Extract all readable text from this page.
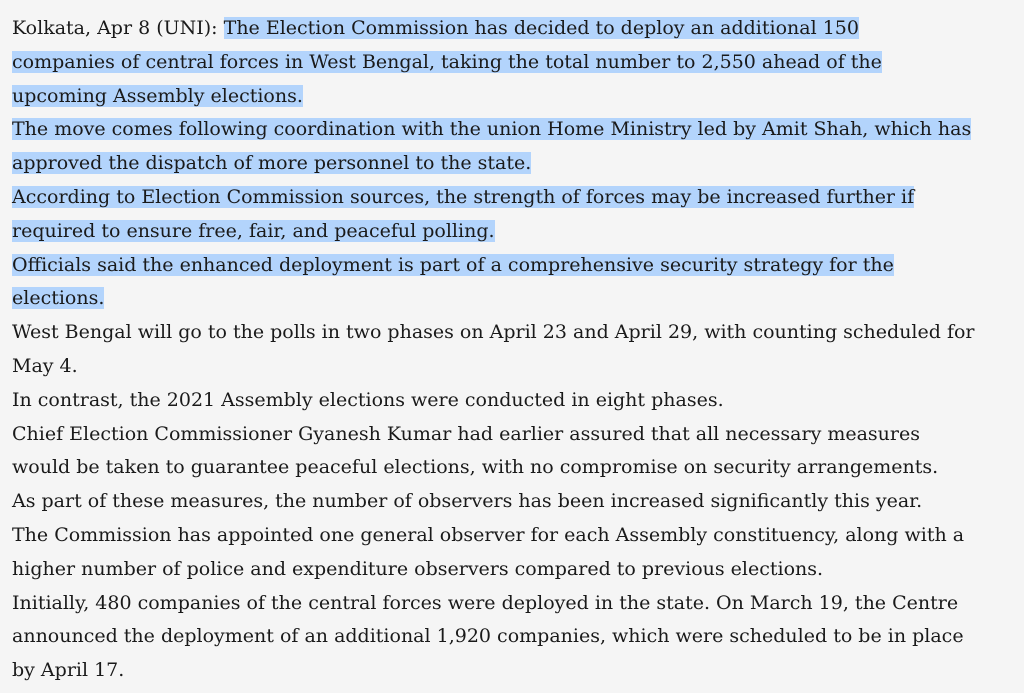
Kolkata, Apr 8 (UNI): The Election Commission has decided to deploy an additional 150 companies of central forces in West Bengal, taking the total number to 2,550 ahead of the upcoming Assembly elections.

The move comes following coordination with the union Home Ministry led by Amit Shah, which has approved the dispatch of more personnel to the state.

According to Election Commission sources, the strength of forces may be increased further if required to ensure free, fair, and peaceful polling.

Officials said the enhanced deployment is part of a comprehensive security strategy for the elections.

West Bengal will go to the polls in two phases on April 23 and April 29, with counting scheduled for May 4.

In contrast, the 2021 Assembly elections were conducted in eight phases.

Chief Election Commissioner Gyanesh Kumar had earlier assured that all necessary measures would be taken to guarantee peaceful elections, with no compromise on security arrangements.

As part of these measures, the number of observers has been increased significantly this year.

The Commission has appointed one general observer for each Assembly constituency, along with a higher number of police and expenditure observers compared to previous elections.

Initially, 480 companies of the central forces were deployed in the state. On March 19, the Centre announced the deployment of an additional 1,920 companies, which were scheduled to be in place by April 17.
